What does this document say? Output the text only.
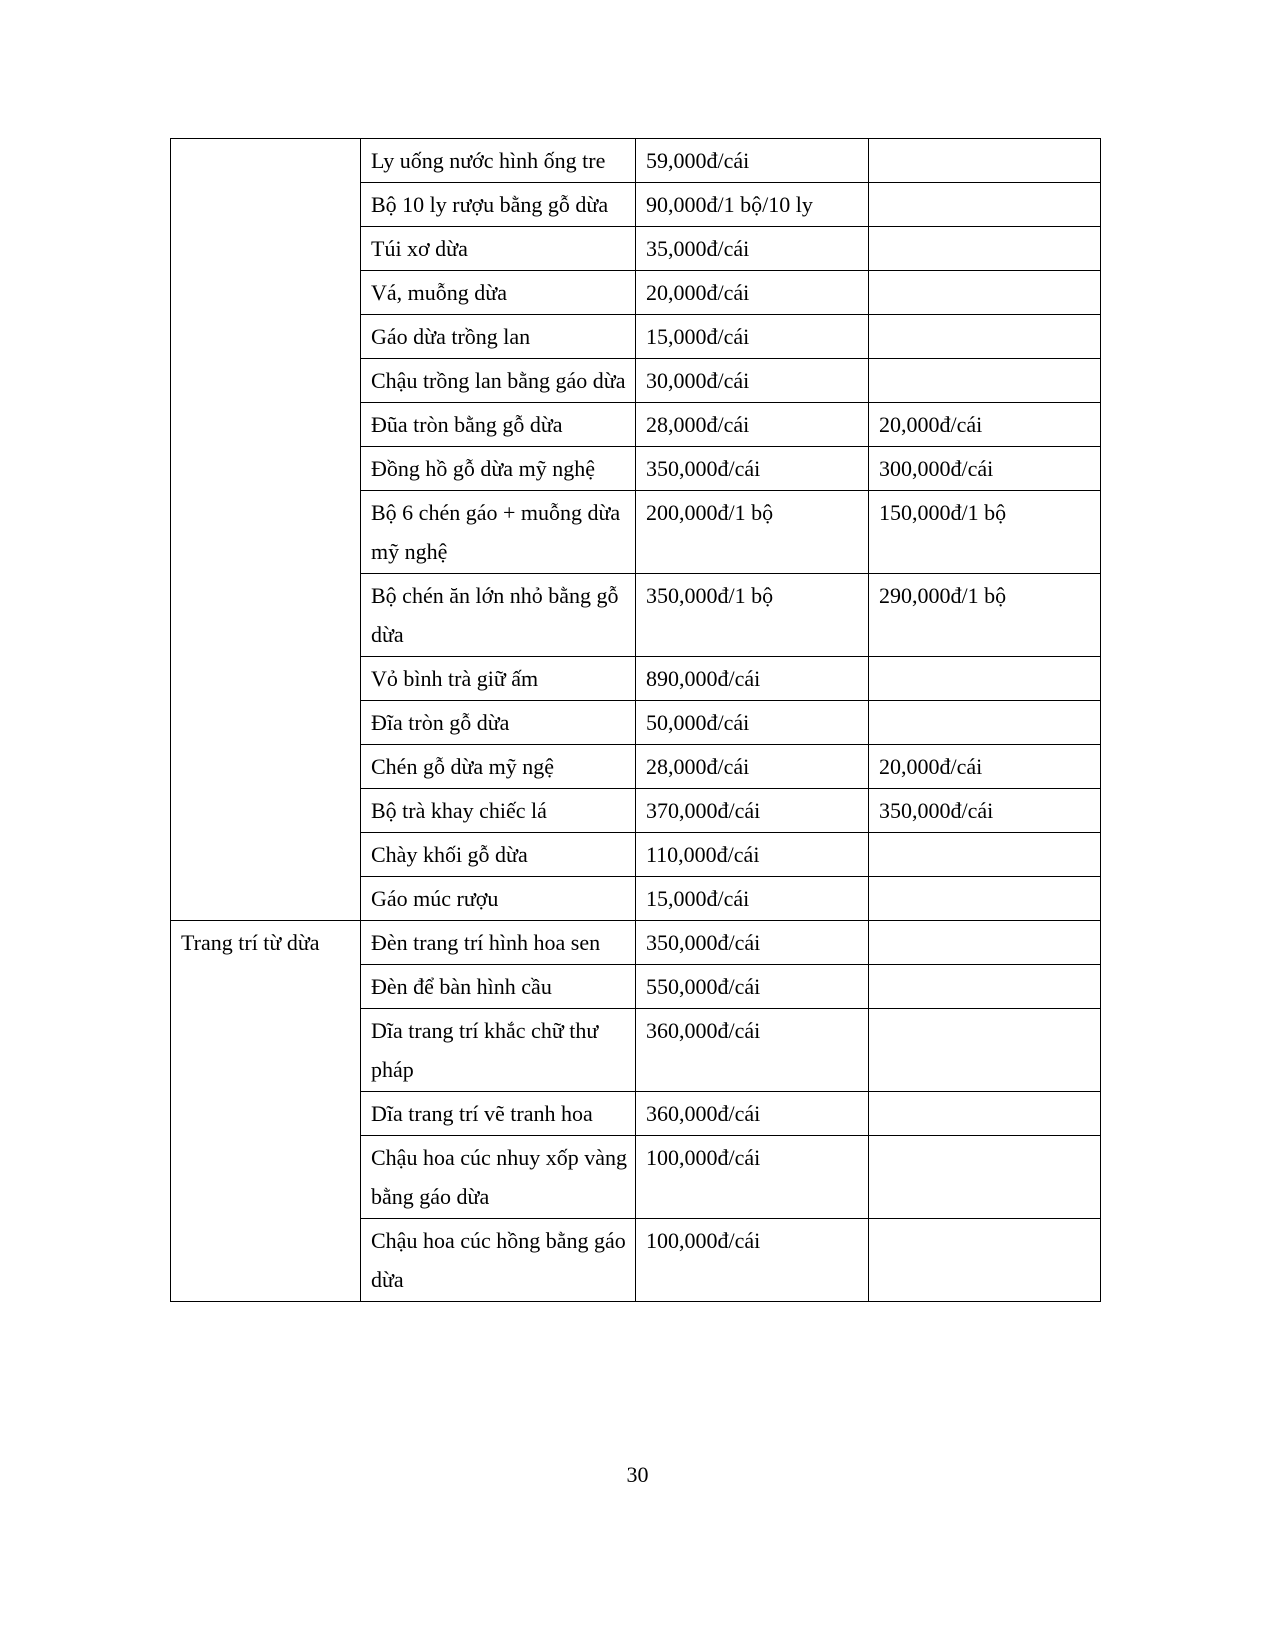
	Ly uống nước hình ống tre	59,000đ/cái	
	Bộ 10 ly rượu bằng gỗ dừa	90,000đ/1 bộ/10 ly	
	Túi xơ dừa	35,000đ/cái	
	Vá, muỗng dừa	20,000đ/cái	
	Gáo dừa trồng lan	15,000đ/cái	
	Chậu trồng lan bằng gáo dừa	30,000đ/cái	
	Đũa tròn bằng gỗ dừa	28,000đ/cái	20,000đ/cái
	Đồng hồ gỗ dừa mỹ nghệ	350,000đ/cái	300,000đ/cái
	Bộ 6 chén gáo + muỗng dừa mỹ nghệ	200,000đ/1 bộ	150,000đ/1 bộ
	Bộ chén ăn lớn nhỏ bằng gỗ dừa	350,000đ/1 bộ	290,000đ/1 bộ
	Vỏ bình trà giữ ấm	890,000đ/cái	
	Đĩa tròn gỗ dừa	50,000đ/cái	
	Chén gỗ dừa mỹ ngệ	28,000đ/cái	20,000đ/cái
	Bộ trà khay chiếc lá	370,000đ/cái	350,000đ/cái
	Chày khối gỗ dừa	110,000đ/cái	
	Gáo múc rượu	15,000đ/cái	
Trang trí từ dừa	Đèn trang trí hình hoa sen	350,000đ/cái	
	Đèn để bàn hình cầu	550,000đ/cái	
	Dĩa trang trí khắc chữ thư pháp	360,000đ/cái	
	Dĩa trang trí vẽ tranh hoa	360,000đ/cái	
	Chậu hoa cúc nhuy xốp vàng bằng gáo dừa	100,000đ/cái	
	Chậu hoa cúc hồng bằng gáo dừa	100,000đ/cái	
30
